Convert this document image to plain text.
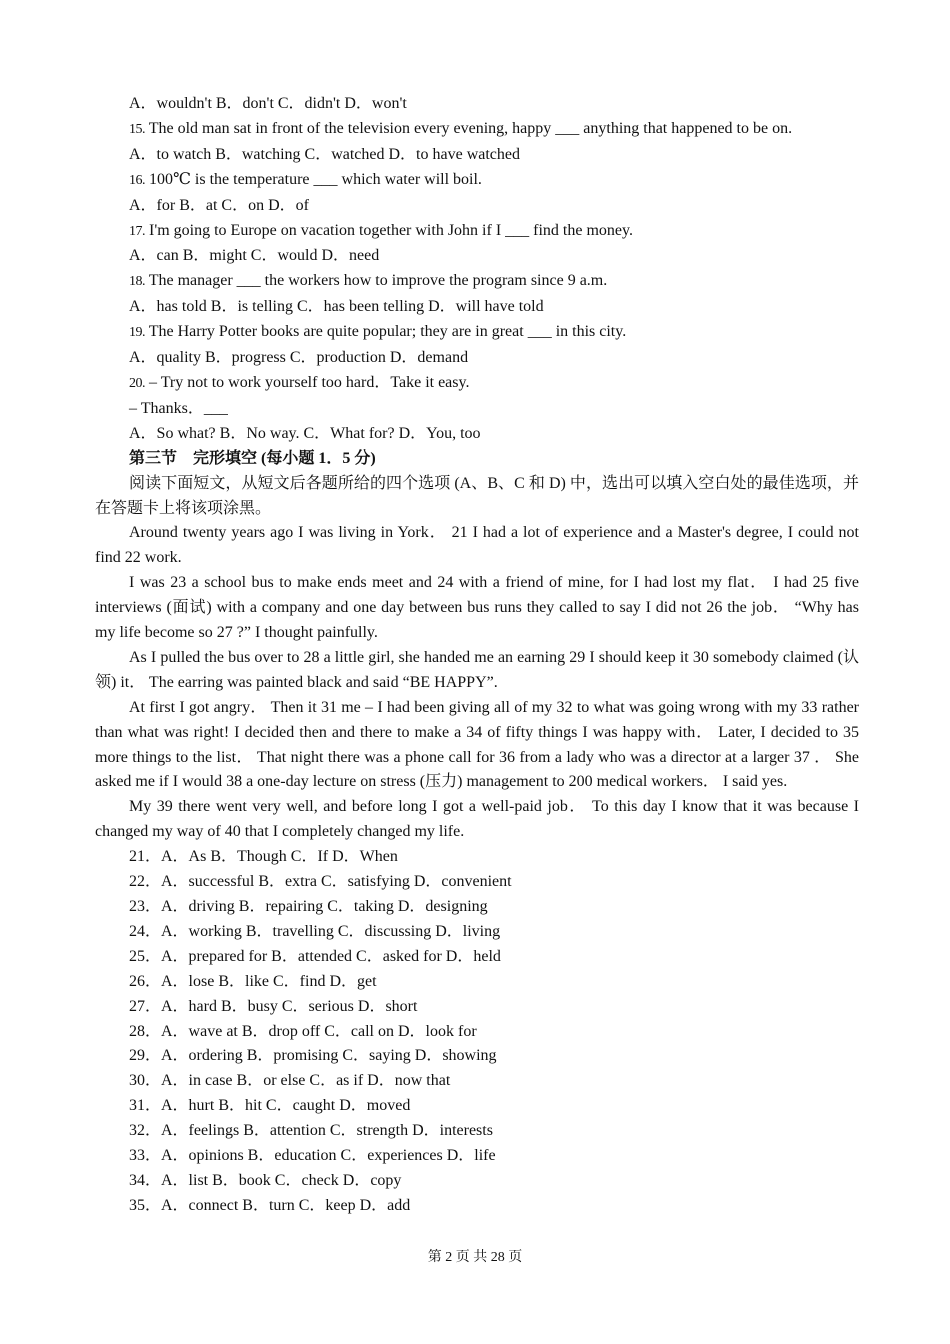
A．wouldn't B．don't C．didn't D．won't
15. The old man sat in front of the television every evening, happy ___ anything that happened to be on.
A．to watch B．watching C．watched D．to have watched
16. 100℃ is the temperature ___ which water will boil.
A．for B．at C．on D．of
17. I'm going to Europe on vacation together with John if I ___ find the money.
A．can B．might C．would D．need
18. The manager ___ the workers how to improve the program since 9 a.m.
A．has told B．is telling C．has been telling D．will have told
19. The Harry Potter books are quite popular; they are in great ___ in this city.
A．quality B．progress C．production D．demand
20. – Try not to work yourself too hard．Take it easy.
– Thanks．___
A．So what? B．No way. C．What for? D．You, too
第三节　完形填空 (每小题 1．5 分)
阅读下面短文，从短文后各题所给的四个选项 (A、B、C 和 D) 中，选出可以填入空白处的最佳选项，并在答题卡上将该项涂黑。
Around twenty years ago I was living in York． 21 I had a lot of experience and a Master's degree, I could not find 22 work.
I was 23 a school bus to make ends meet and 24 with a friend of mine, for I had lost my flat． I had 25 five interviews (面试) with a company and one day between bus runs they called to say I did not 26 the job． “Why has my life become so 27 ?” I thought painfully.
As I pulled the bus over to 28 a little girl, she handed me an earning 29 I should keep it 30 somebody claimed (认领) it． The earring was painted black and said “BE HAPPY”.
At first I got angry． Then it 31 me – I had been giving all of my 32 to what was going wrong with my 33 rather than what was right! I decided then and there to make a 34 of fifty things I was happy with． Later, I decided to 35 more things to the list． That night there was a phone call for 36 from a lady who was a director at a larger 37 ． She asked me if I would 38 a one-day lecture on stress (压力) management to 200 medical workers． I said yes.
My 39 there went very well, and before long I got a well-paid job． To this day I know that it was because I changed my way of 40 that I completely changed my life.
21．A．As B．Though C．If D．When
22．A．successful B．extra C．satisfying D．convenient
23．A．driving B．repairing C．taking D．designing
24．A．working B．travelling C．discussing D．living
25．A．prepared for B．attended C．asked for D．held
26．A．lose B．like C．find D．get
27．A．hard B．busy C．serious D．short
28．A．wave at B．drop off C．call on D．look for
29．A．ordering B．promising C．saying D．showing
30．A．in case B．or else C．as if D．now that
31．A．hurt B．hit C．caught D．moved
32．A．feelings B．attention C．strength D．interests
33．A．opinions B．education C．experiences D．life
34．A．list B．book C．check D．copy
35．A．connect B．turn C．keep D．add
第 2 页 共 28 页
